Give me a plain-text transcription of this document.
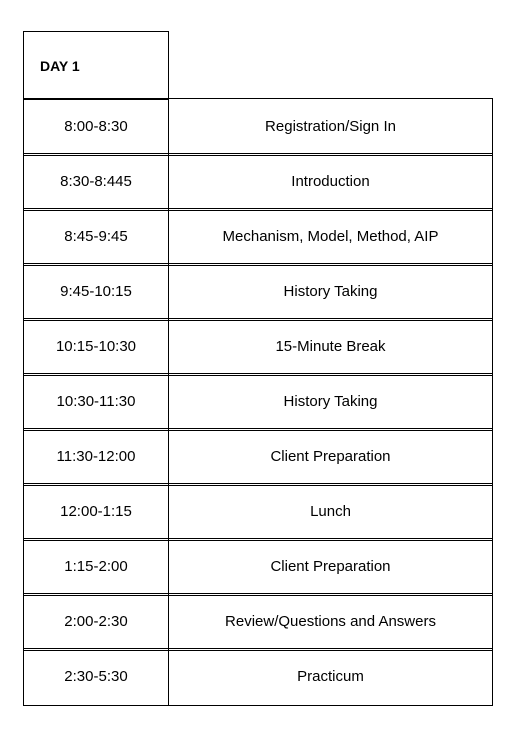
DAY 1
8:00-8:30	Registration/Sign In
8:30-8:445	Introduction
8:45-9:45	Mechanism, Model, Method, AIP
9:45-10:15	History Taking
10:15-10:30	15-Minute Break
10:30-11:30	History Taking
11:30-12:00	Client Preparation
12:00-1:15	Lunch
1:15-2:00	Client Preparation
2:00-2:30	Review/Questions and Answers
2:30-5:30	Practicum
